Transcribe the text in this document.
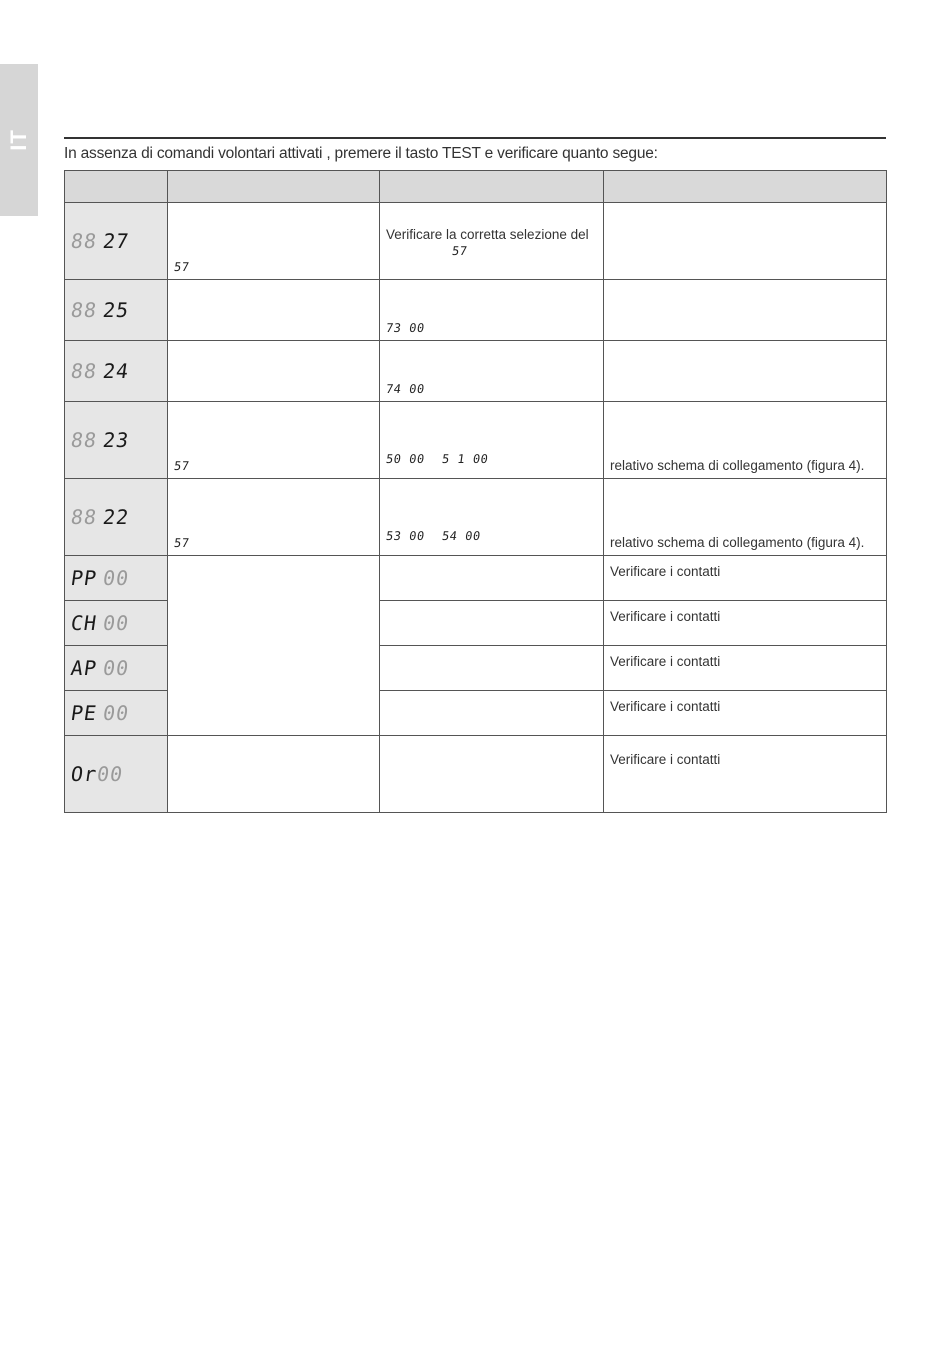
IT
In assenza di comandi volontari attivati , premere il tasto TEST e verificare quanto segue:

88 27	57	Verificare la corretta selezione del
57	

88 25		73 00	

88 24		74 00	

88 23	57	50 00 5 1 00	relativo schema di collegamento (figura 4).

88 22	57	53 00 54 00	relativo schema di collegamento (figura 4).

PP 00			Verificare i contatti

CH 00			Verificare i contatti

AP 00			Verificare i contatti

PE 00			Verificare i contatti

Or00			Verificare i contatti
